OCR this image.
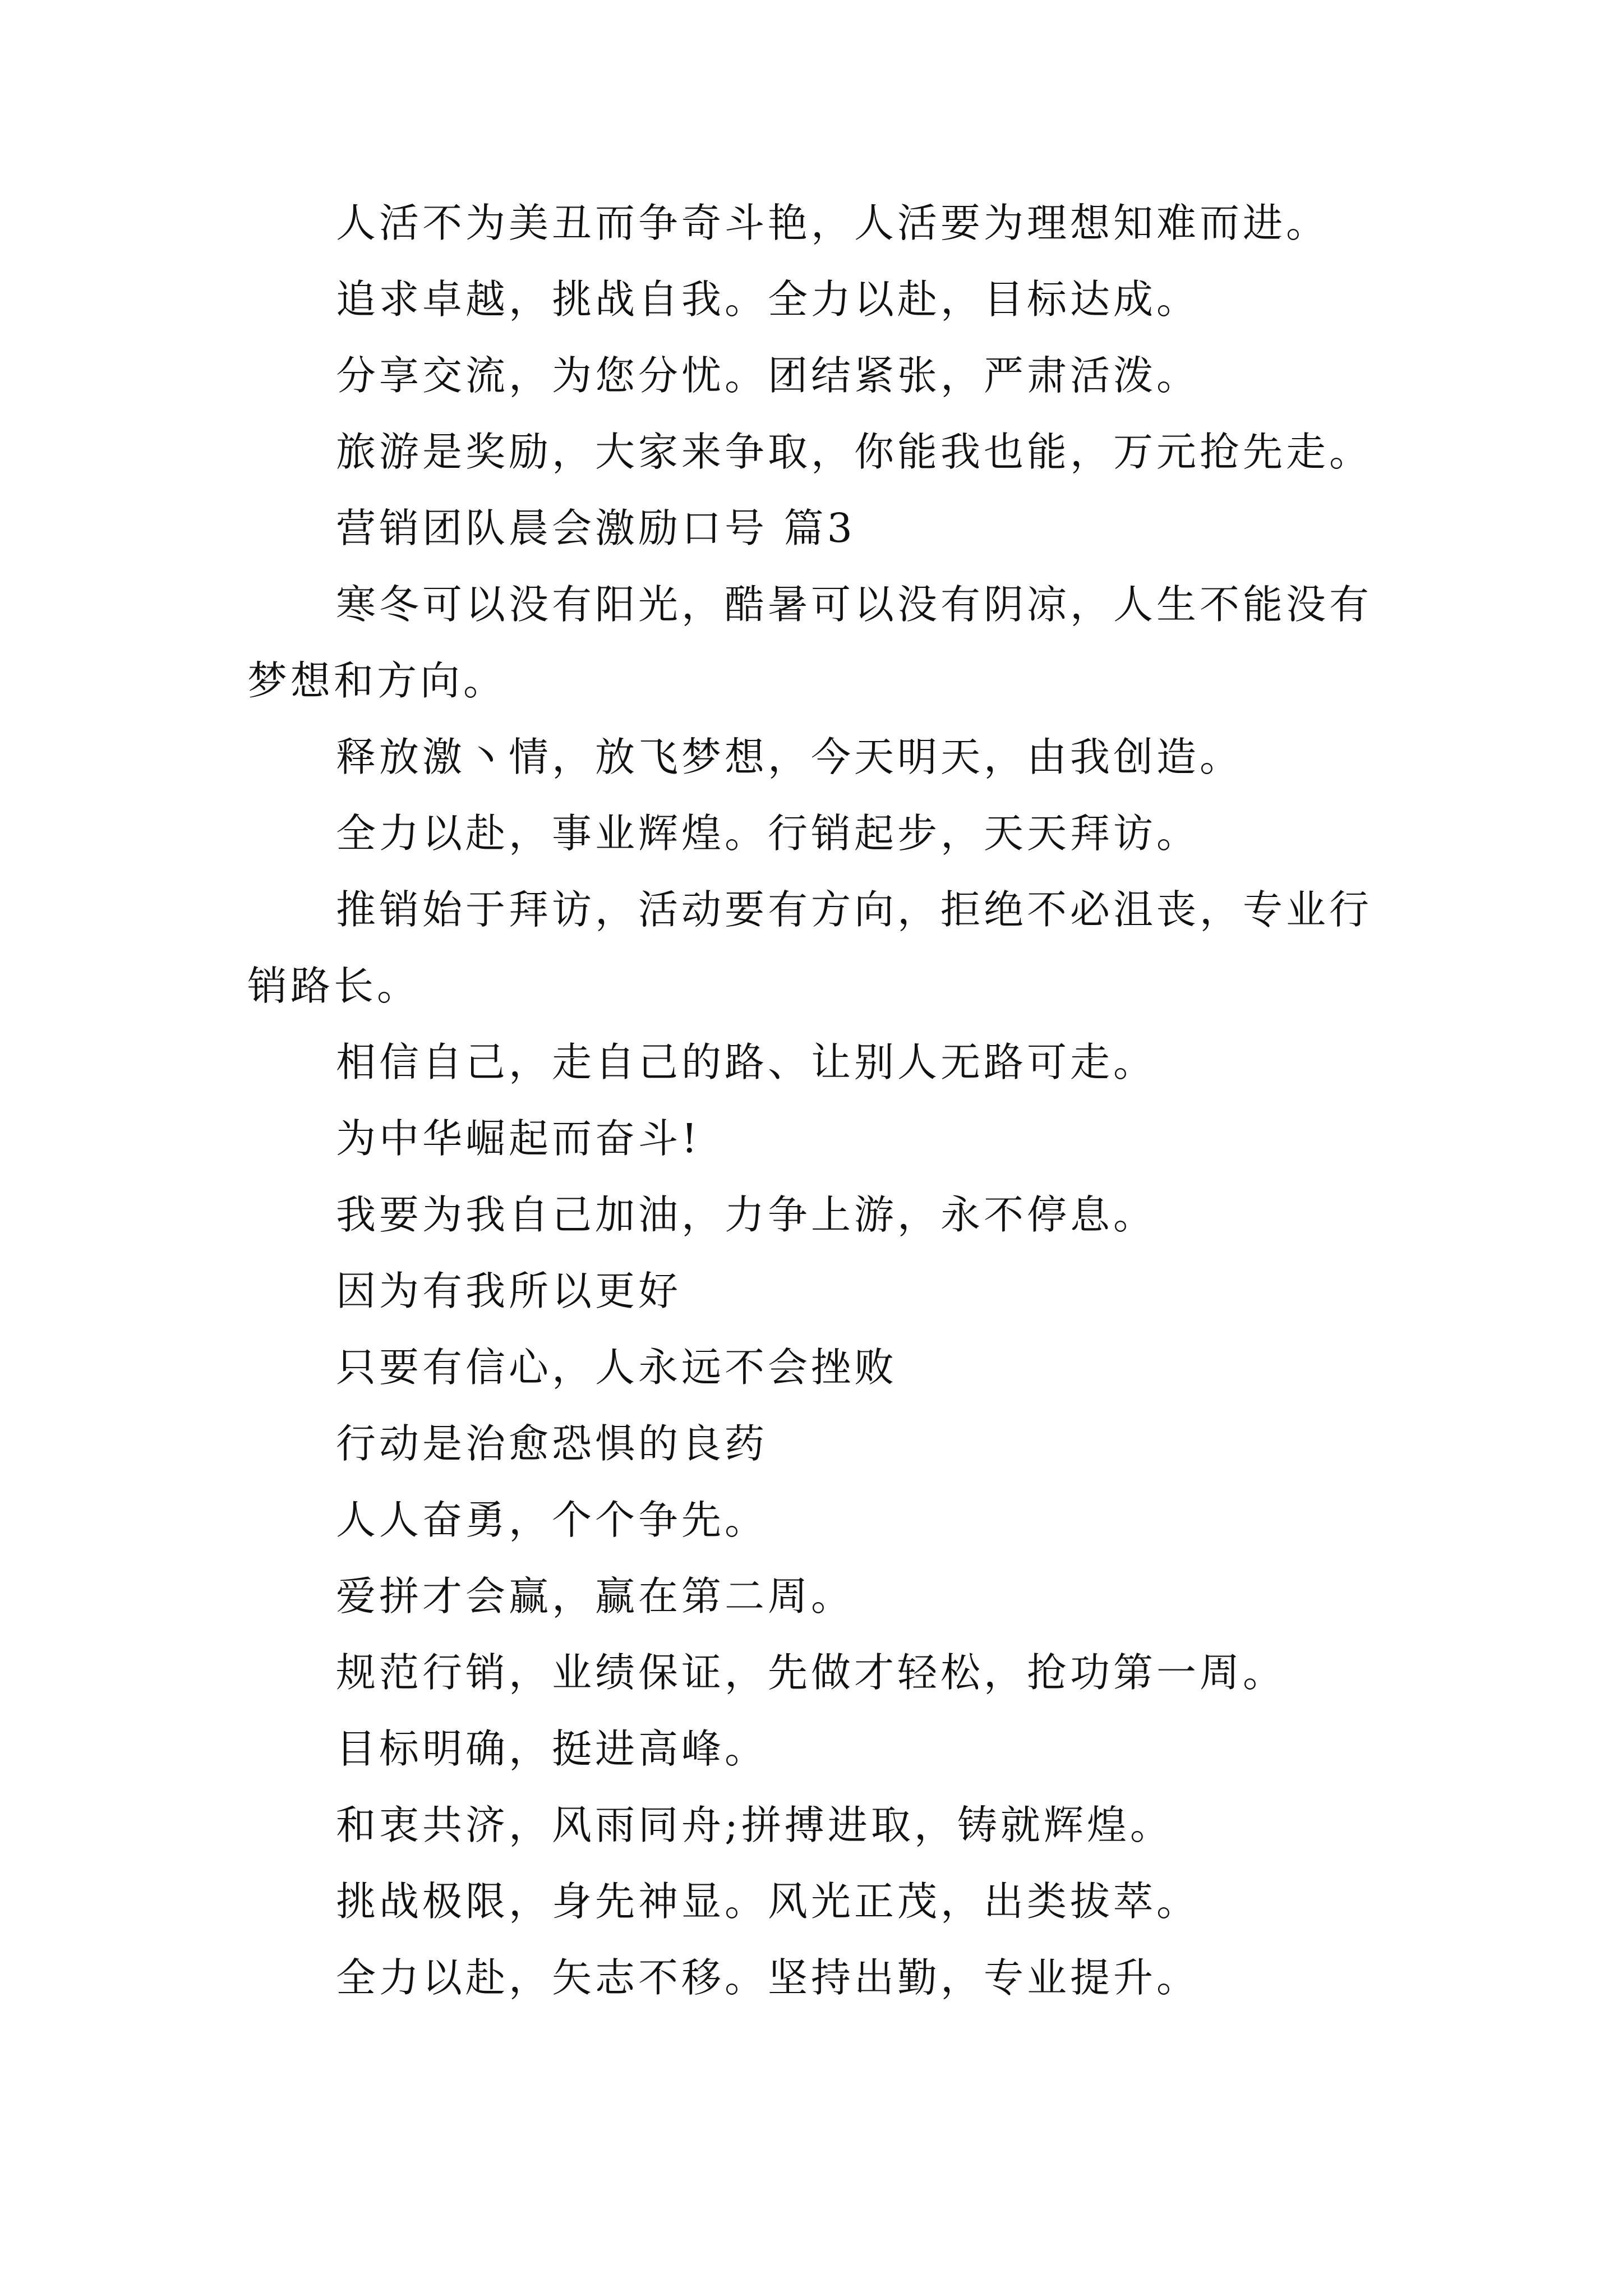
人活不为美丑而争奇斗艳，人活要为理想知难而进。

追求卓越，挑战自我。全力以赴，目标达成。

分享交流，为您分忧。团结紧张，严肃活泼。

旅游是奖励，大家来争取，你能我也能，万元抢先走。

营销团队晨会激励口号 篇3

寒冬可以没有阳光，酷暑可以没有阴凉，人生不能没有梦想和方向。

释放激丶情，放飞梦想，今天明天，由我创造。

全力以赴，事业辉煌。行销起步，天天拜访。

推销始于拜访，活动要有方向，拒绝不必沮丧，专业行销路长。

相信自己，走自己的路、让别人无路可走。

为中华崛起而奋斗!

我要为我自己加油，力争上游，永不停息。

因为有我所以更好

只要有信心，人永远不会挫败

行动是治愈恐惧的良药

人人奋勇，个个争先。

爱拼才会赢，赢在第二周。

规范行销，业绩保证，先做才轻松，抢功第一周。

目标明确，挺进高峰。

和衷共济，风雨同舟;拼搏进取，铸就辉煌。

挑战极限，身先神显。风光正茂，出类拔萃。

全力以赴，矢志不移。坚持出勤，专业提升。
